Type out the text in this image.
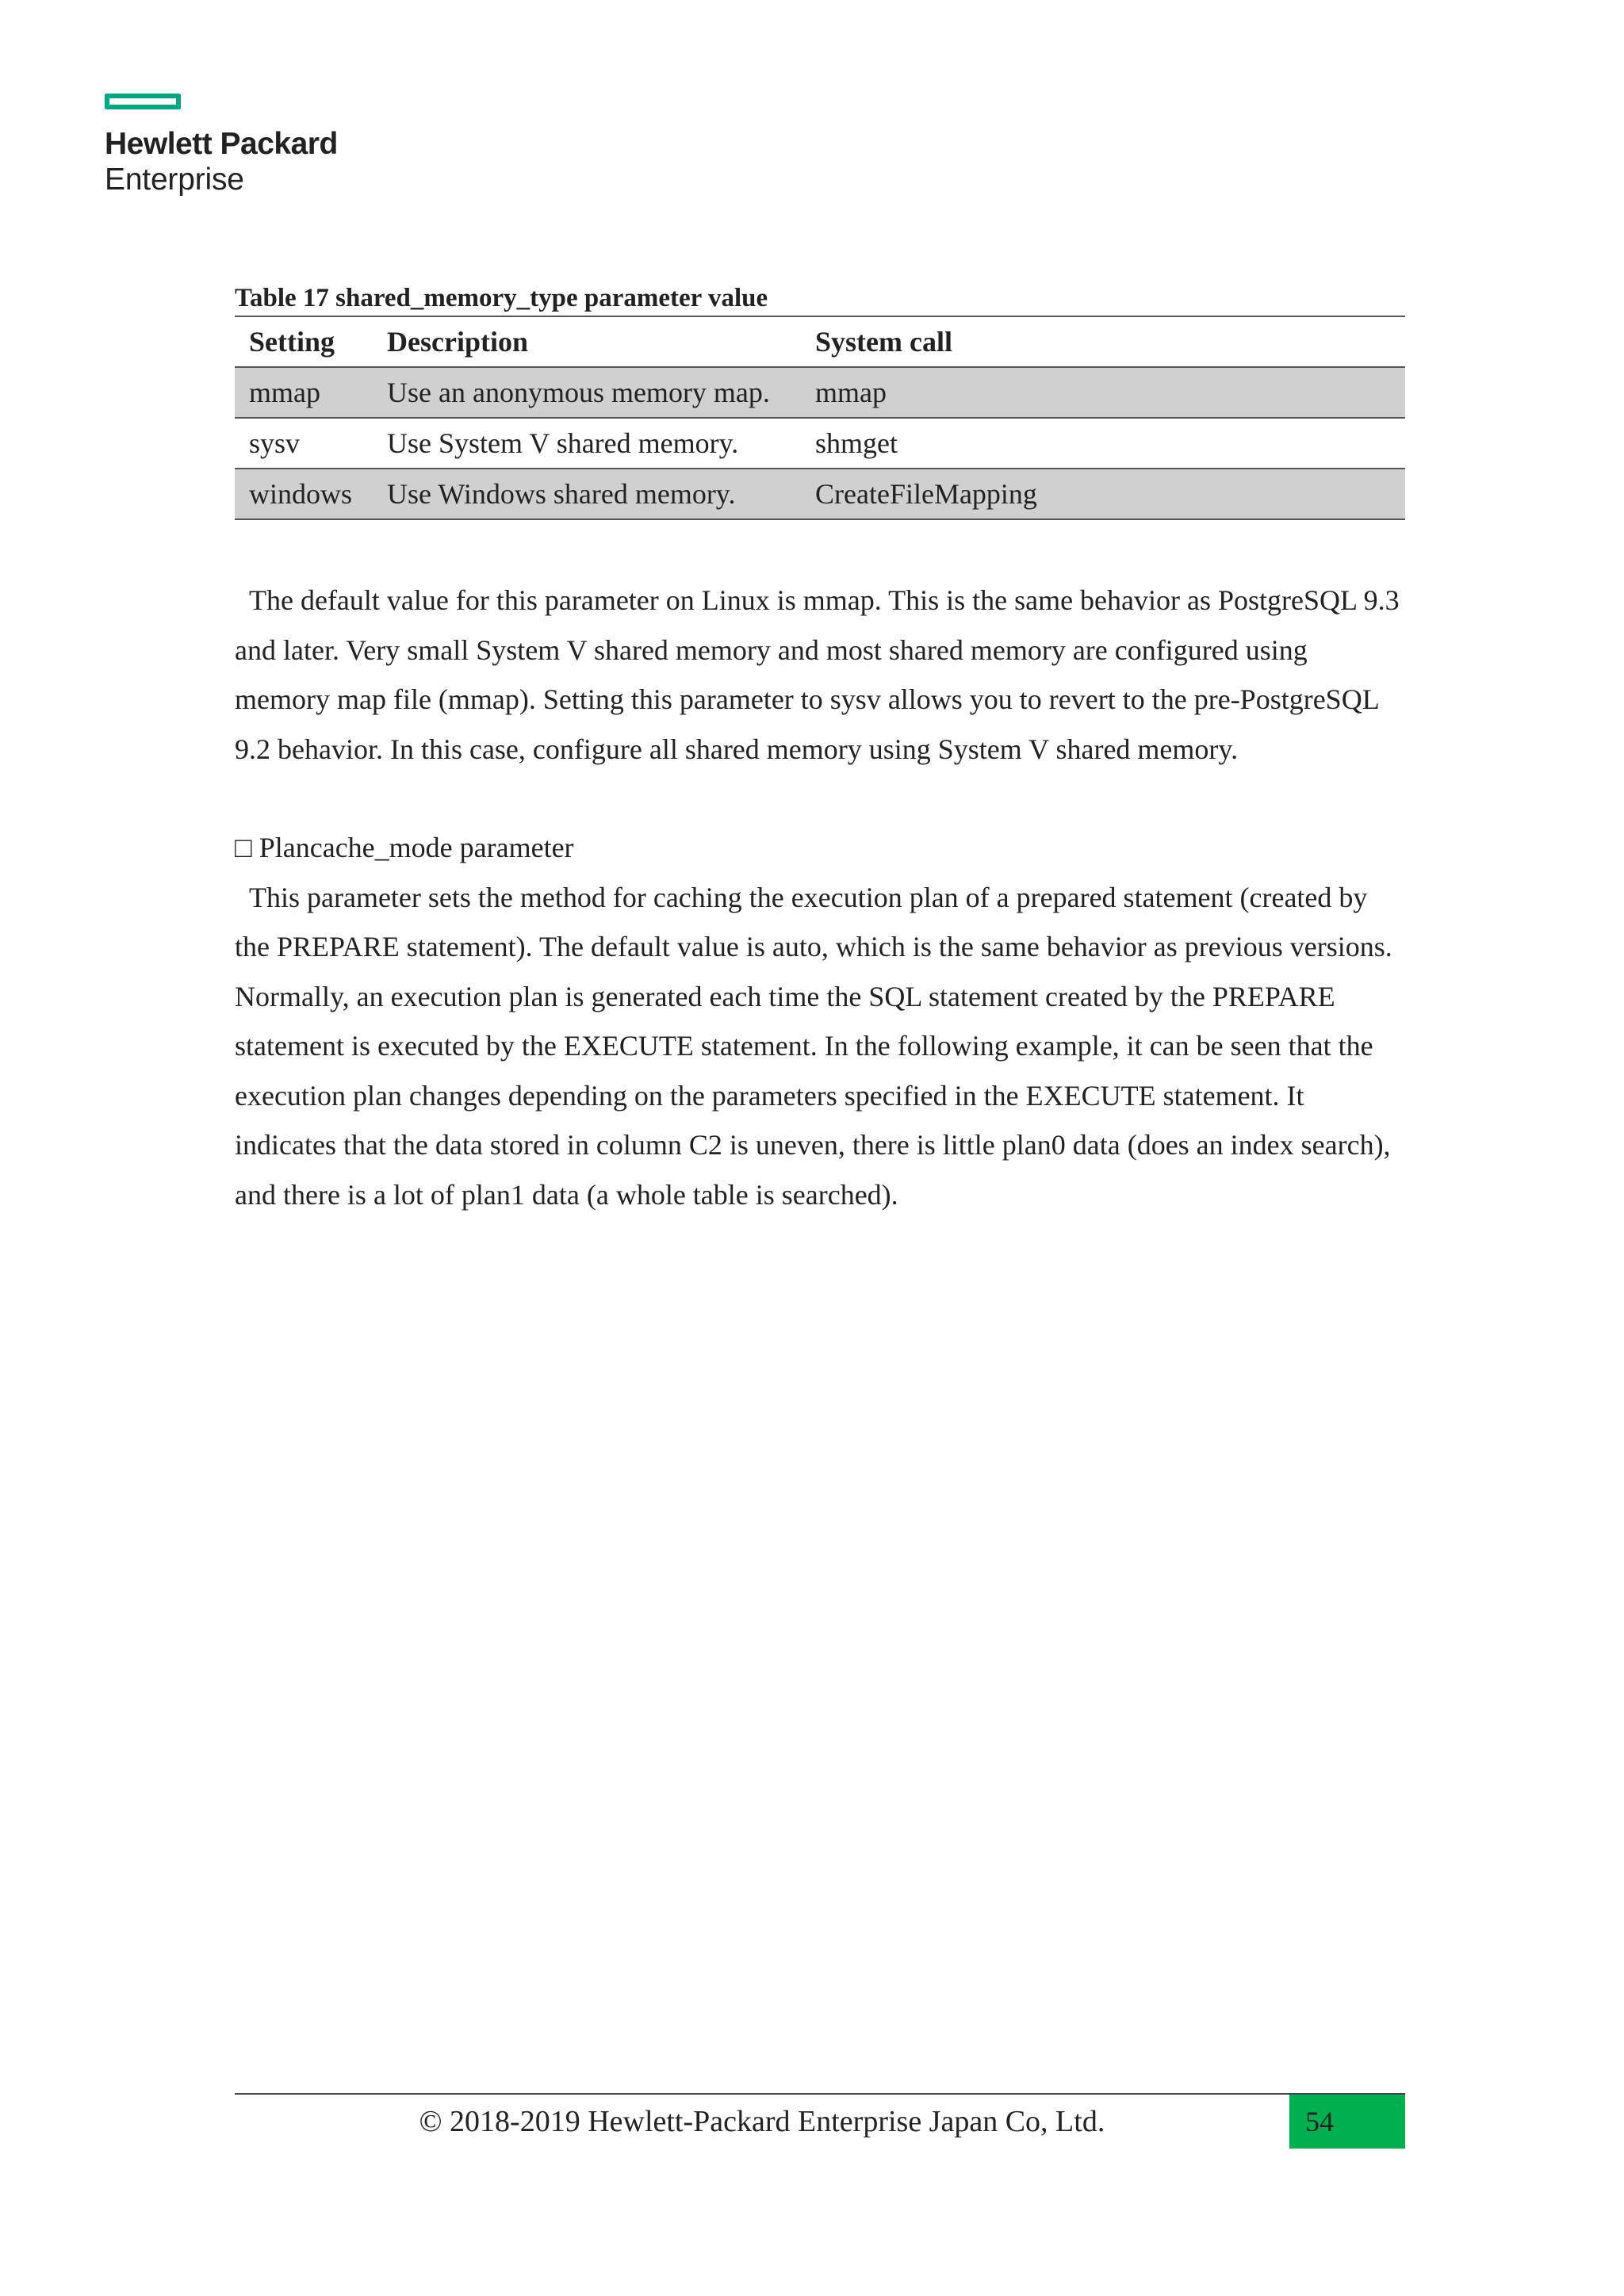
Hewlett Packard
Enterprise
Table 17 shared_memory_type parameter value
Setting	Description	System call
mmap	Use an anonymous memory map.	mmap
sysv	Use System V shared memory.	shmget
windows	Use Windows shared memory.	CreateFileMapping

The default value for this parameter on Linux is mmap. This is the same behavior as PostgreSQL 9.3 and later. Very small System V shared memory and most shared memory are configured using memory map file (mmap). Setting this parameter to sysv allows you to revert to the pre-PostgreSQL 9.2 behavior. In this case, configure all shared memory using System V shared memory.

□ Plancache_mode parameter

This parameter sets the method for caching the execution plan of a prepared statement (created by the PREPARE statement). The default value is auto, which is the same behavior as previous versions. Normally, an execution plan is generated each time the SQL statement created by the PREPARE statement is executed by the EXECUTE statement. In the following example, it can be seen that the execution plan changes depending on the parameters specified in the EXECUTE statement. It indicates that the data stored in column C2 is uneven, there is little plan0 data (does an index search), and there is a lot of plan1 data (a whole table is searched).

© 2018-2019 Hewlett-Packard Enterprise Japan Co, Ltd.	54
